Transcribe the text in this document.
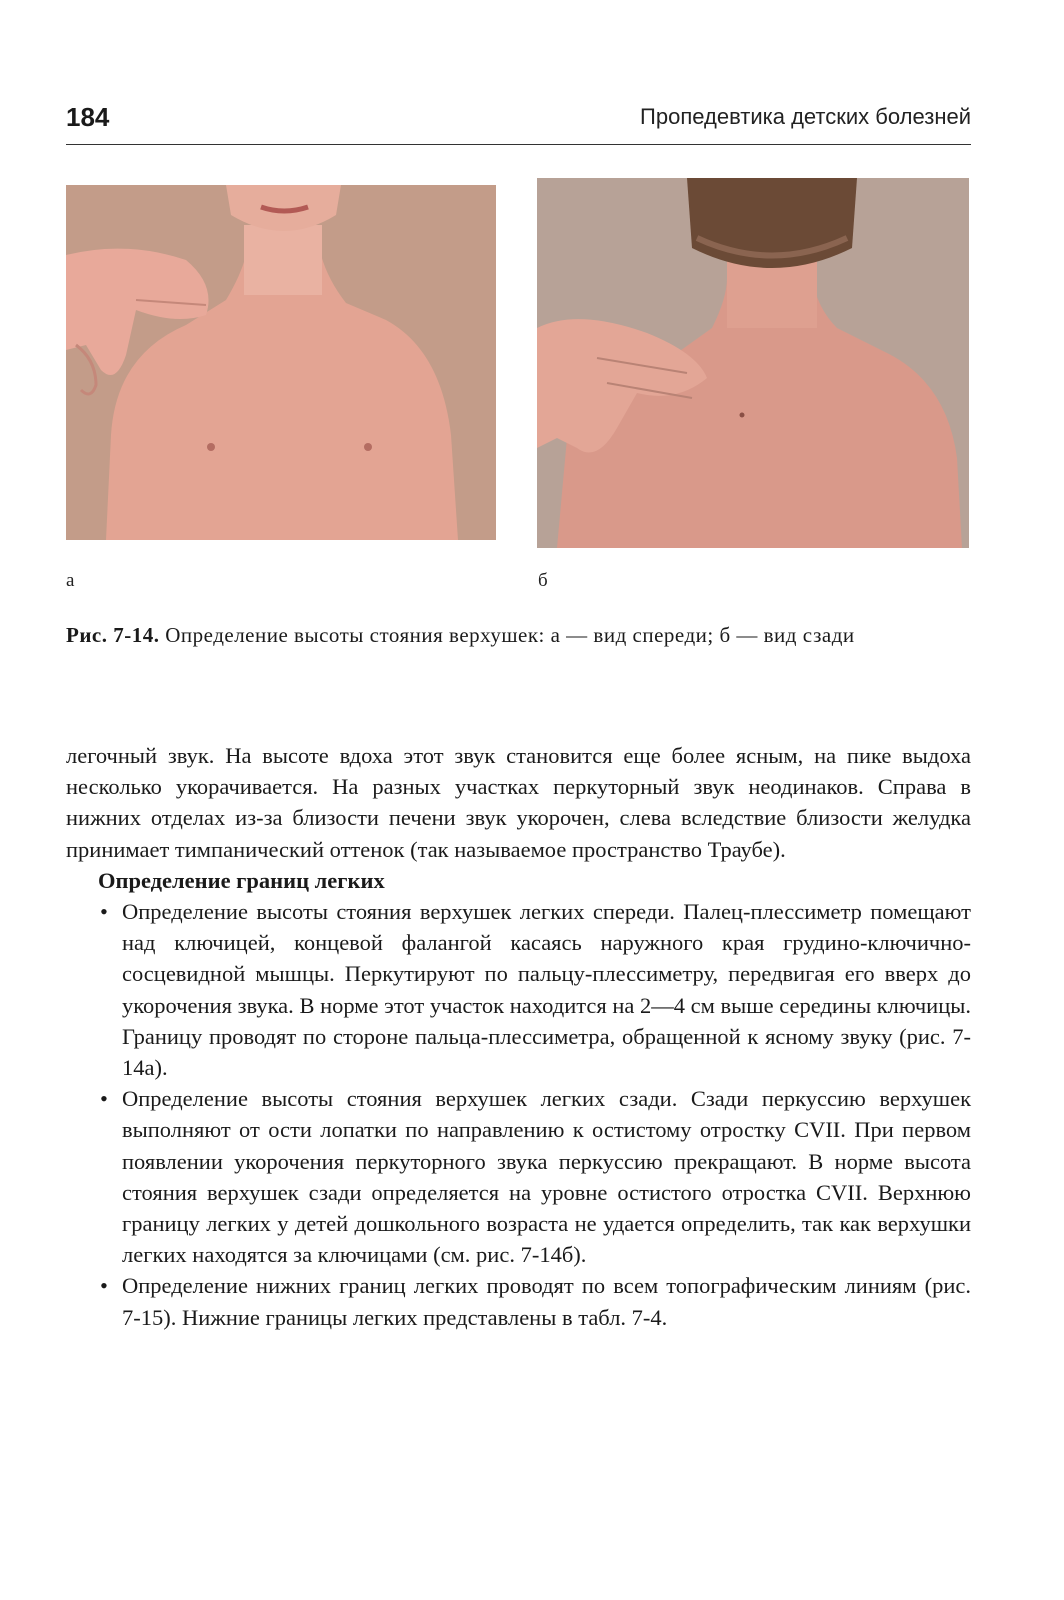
184	Пропедевтика детских болезней
а	б
Рис. 7-14. Определение высоты стояния верхушек: а — вид спереди; б — вид сзади

легочный звук. На высоте вдоха этот звук становится еще более ясным, на пике выдоха несколько укорачивается. На разных участках перкуторный звук неодинаков. Справа в нижних отделах из-за близости печени звук укорочен, слева вследствие близости желудка принимает тимпанический оттенок (так называемое пространство Траубе).

Определение границ легких

• Определение высоты стояния верхушек легких спереди. Палец-плессиметр помещают над ключицей, концевой фалангой касаясь наружного края грудино-ключично-сосцевидной мышцы. Перкутируют по пальцу-плессиметру, передвигая его вверх до укорочения звука. В норме этот участок находится на 2—4 см выше середины ключицы. Границу проводят по стороне пальца-плессиметра, обращенной к ясному звуку (рис. 7-14а).
• Определение высоты стояния верхушек легких сзади. Сзади перкуссию верхушек выполняют от ости лопатки по направлению к остистому отростку CVII. При первом появлении укорочения перкуторного звука перкуссию прекращают. В норме высота стояния верхушек сзади определяется на уровне остистого отростка CVII. Верхнюю границу легких у детей дошкольного возраста не удается определить, так как верхушки легких находятся за ключицами (см. рис. 7-14б).
• Определение нижних границ легких проводят по всем топографическим линиям (рис. 7-15). Нижние границы легких представлены в табл. 7-4.
